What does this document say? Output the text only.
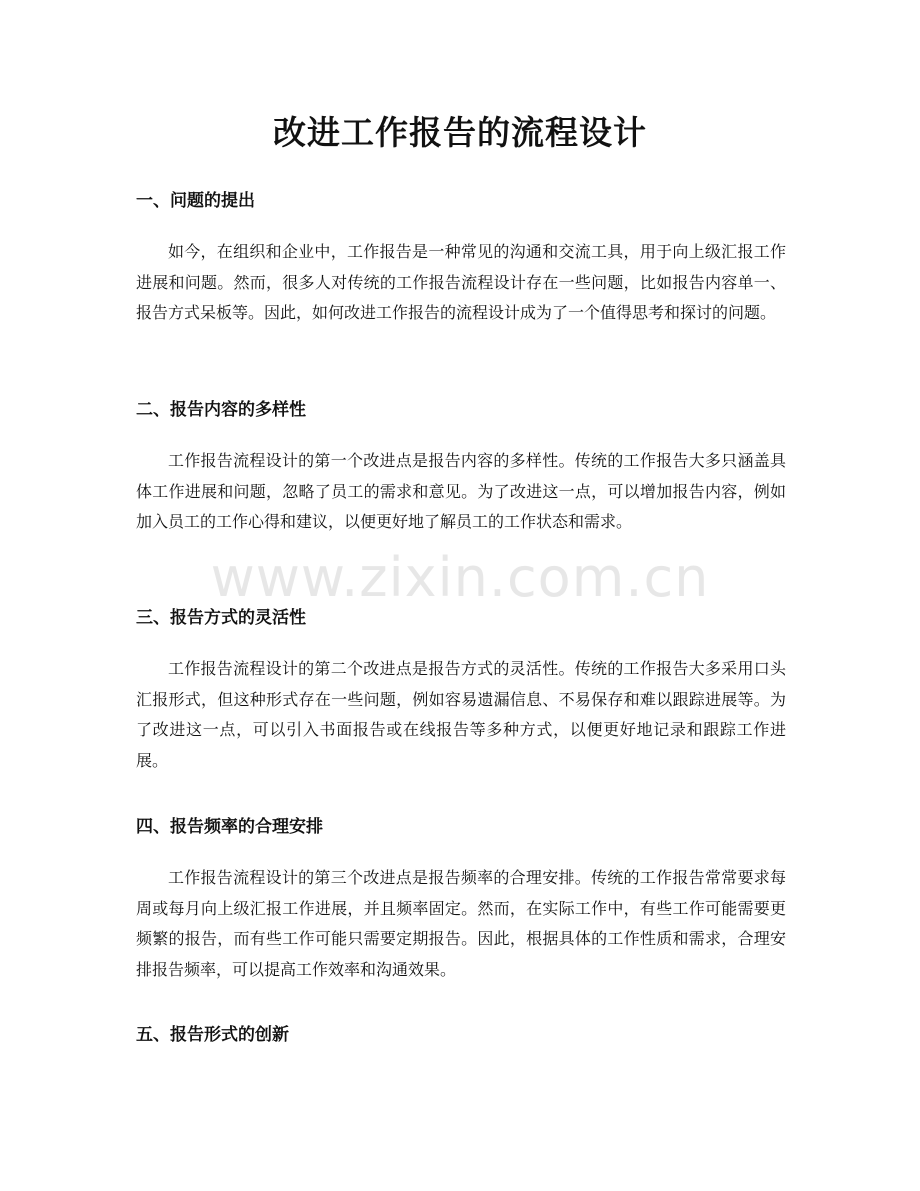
改进工作报告的流程设计
一、问题的提出

如今，在组织和企业中，工作报告是一种常见的沟通和交流工具，用于向上级汇报工作进展和问题。然而，很多人对传统的工作报告流程设计存在一些问题，比如报告内容单一、报告方式呆板等。因此，如何改进工作报告的流程设计成为了一个值得思考和探讨的问题。

二、报告内容的多样性

工作报告流程设计的第一个改进点是报告内容的多样性。传统的工作报告大多只涵盖具体工作进展和问题，忽略了员工的需求和意见。为了改进这一点，可以增加报告内容，例如加入员工的工作心得和建议，以便更好地了解员工的工作状态和需求。

三、报告方式的灵活性

工作报告流程设计的第二个改进点是报告方式的灵活性。传统的工作报告大多采用口头汇报形式，但这种形式存在一些问题，例如容易遗漏信息、不易保存和难以跟踪进展等。为了改进这一点，可以引入书面报告或在线报告等多种方式，以便更好地记录和跟踪工作进展。

四、报告频率的合理安排

工作报告流程设计的第三个改进点是报告频率的合理安排。传统的工作报告常常要求每周或每月向上级汇报工作进展，并且频率固定。然而，在实际工作中，有些工作可能需要更频繁的报告，而有些工作可能只需要定期报告。因此，根据具体的工作性质和需求，合理安排报告频率，可以提高工作效率和沟通效果。

五、报告形式的创新
www.zixin.com.cn
